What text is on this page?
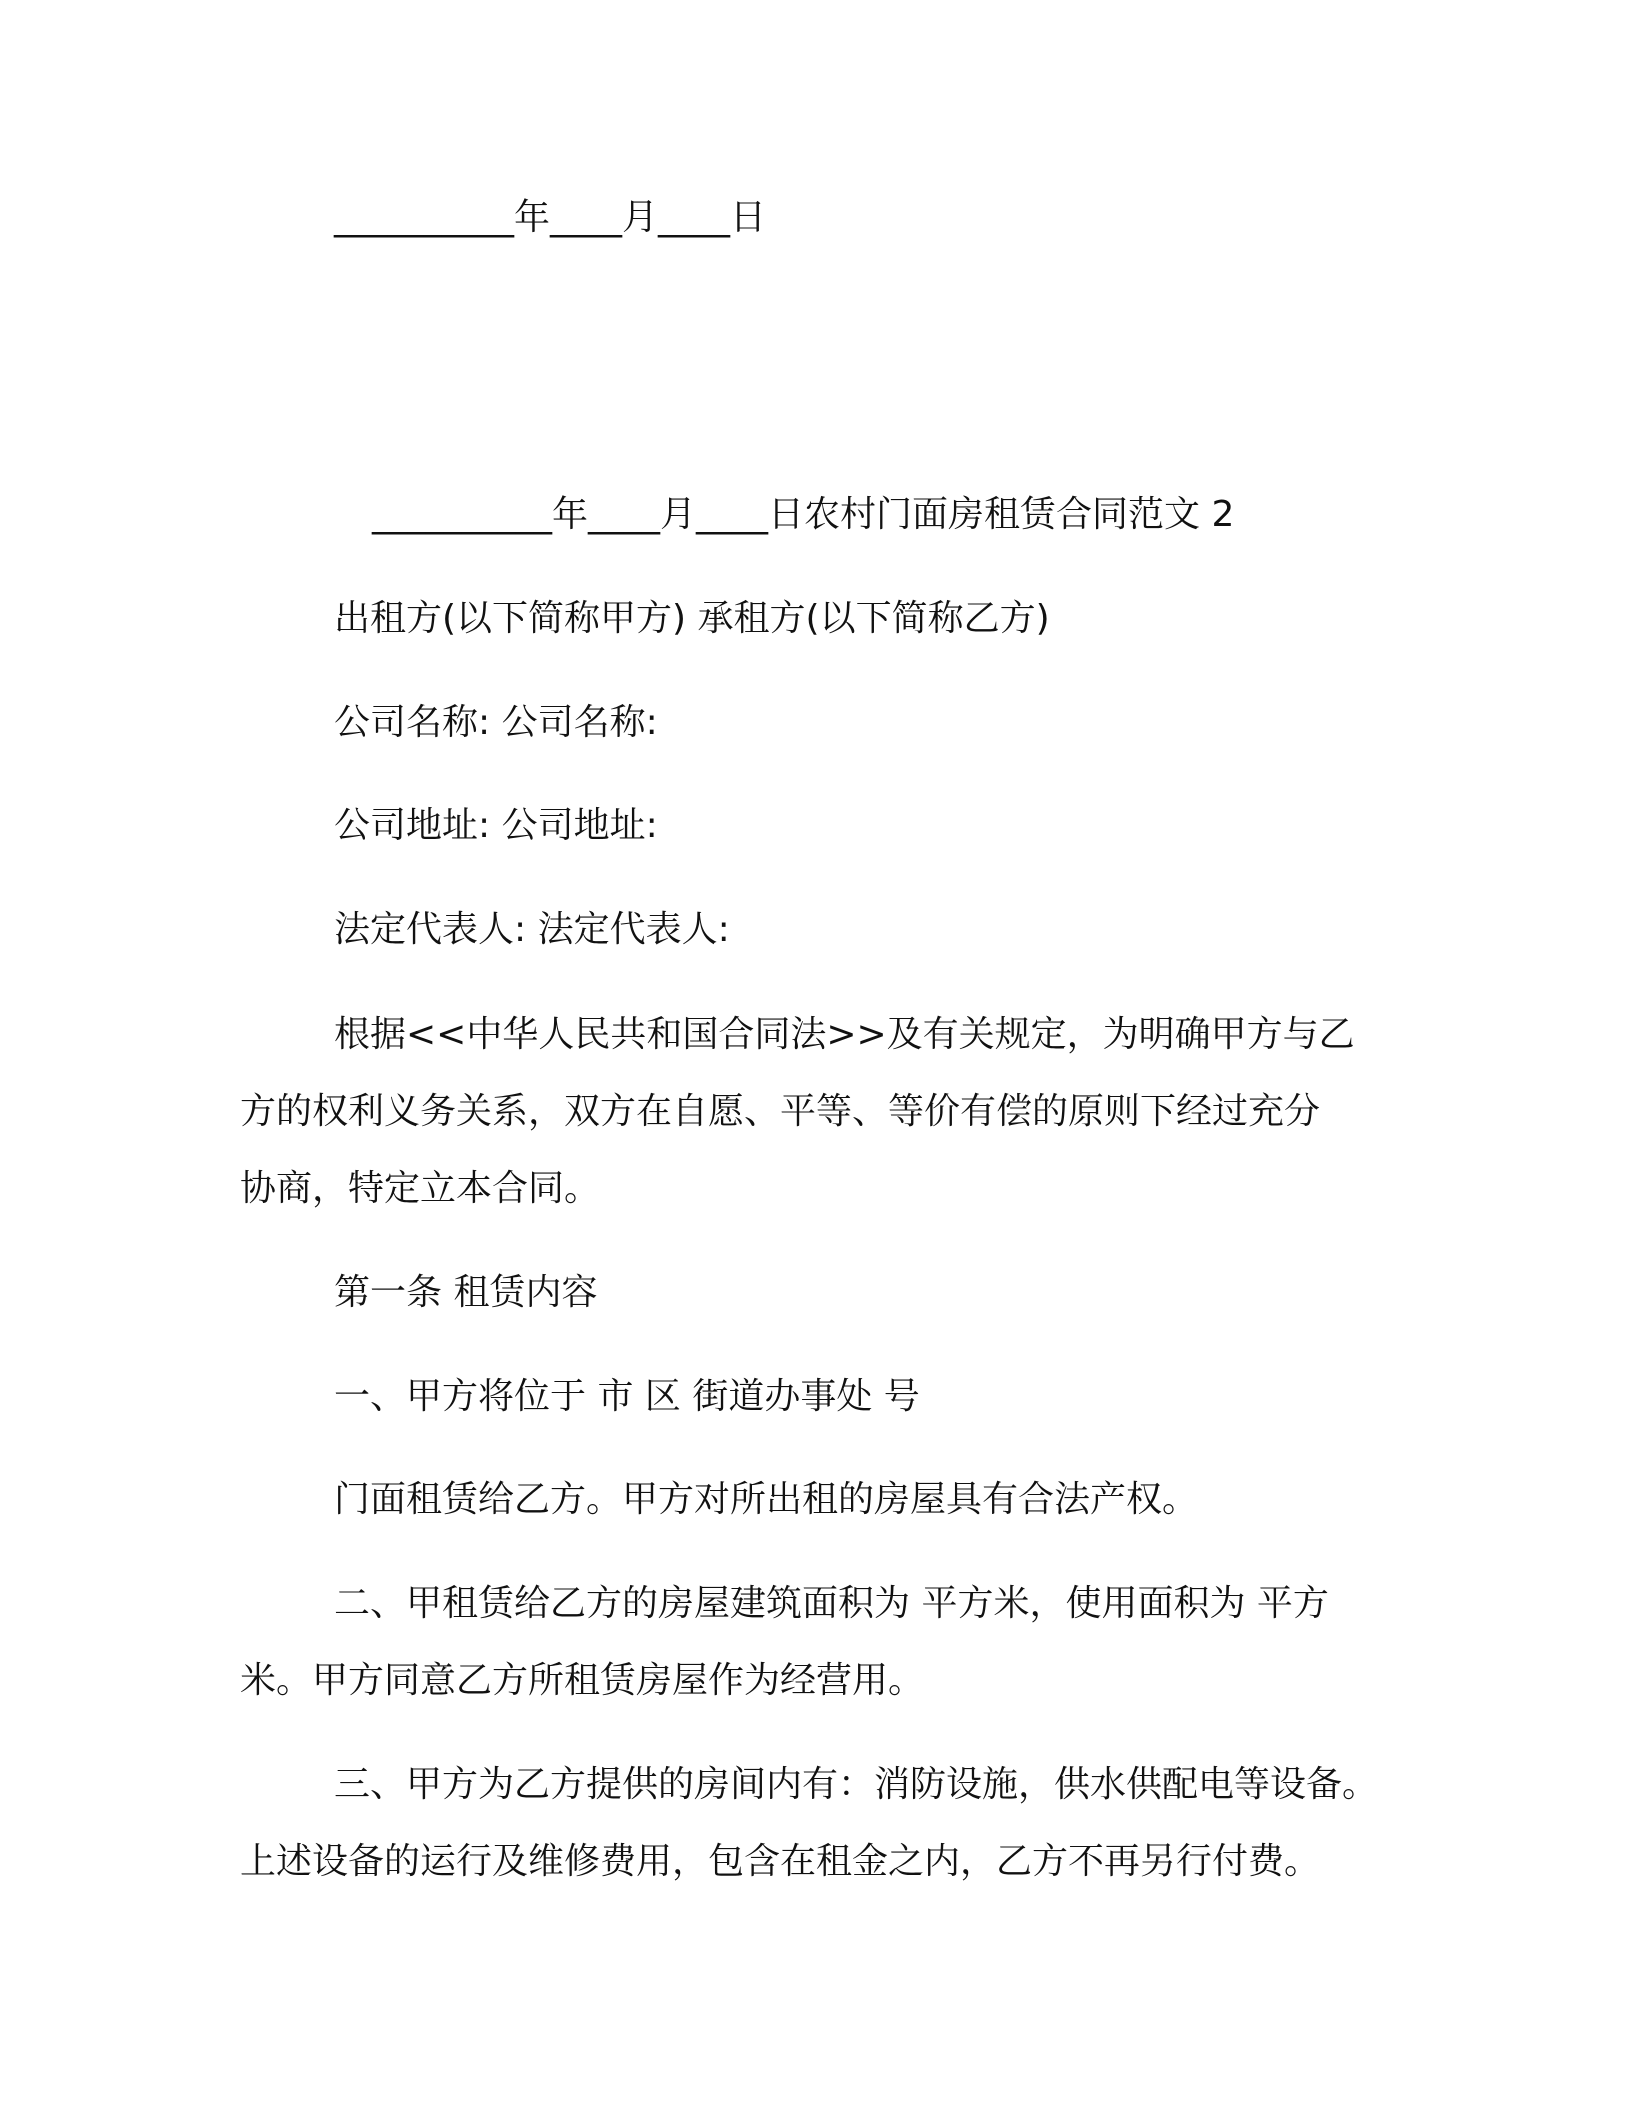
__________年____月____日
__________年____月____日农村门面房租赁合同范文 2
出租方(以下简称甲方) 承租方(以下简称乙方)
公司名称: 公司名称:
公司地址: 公司地址:
法定代表人: 法定代表人:
根据<<中华人民共和国合同法>>及有关规定，为明确甲方与乙
方的权利义务关系，双方在自愿、平等、等价有偿的原则下经过充分
协商，特定立本合同。
第一条 租赁内容
一、甲方将位于 市 区 街道办事处 号
门面租赁给乙方。甲方对所出租的房屋具有合法产权。
二、甲租赁给乙方的房屋建筑面积为 平方米，使用面积为 平方
米。甲方同意乙方所租赁房屋作为经营用。
三、甲方为乙方提供的房间内有：消防设施，供水供配电等设备。
上述设备的运行及维修费用，包含在租金之内，乙方不再另行付费。
